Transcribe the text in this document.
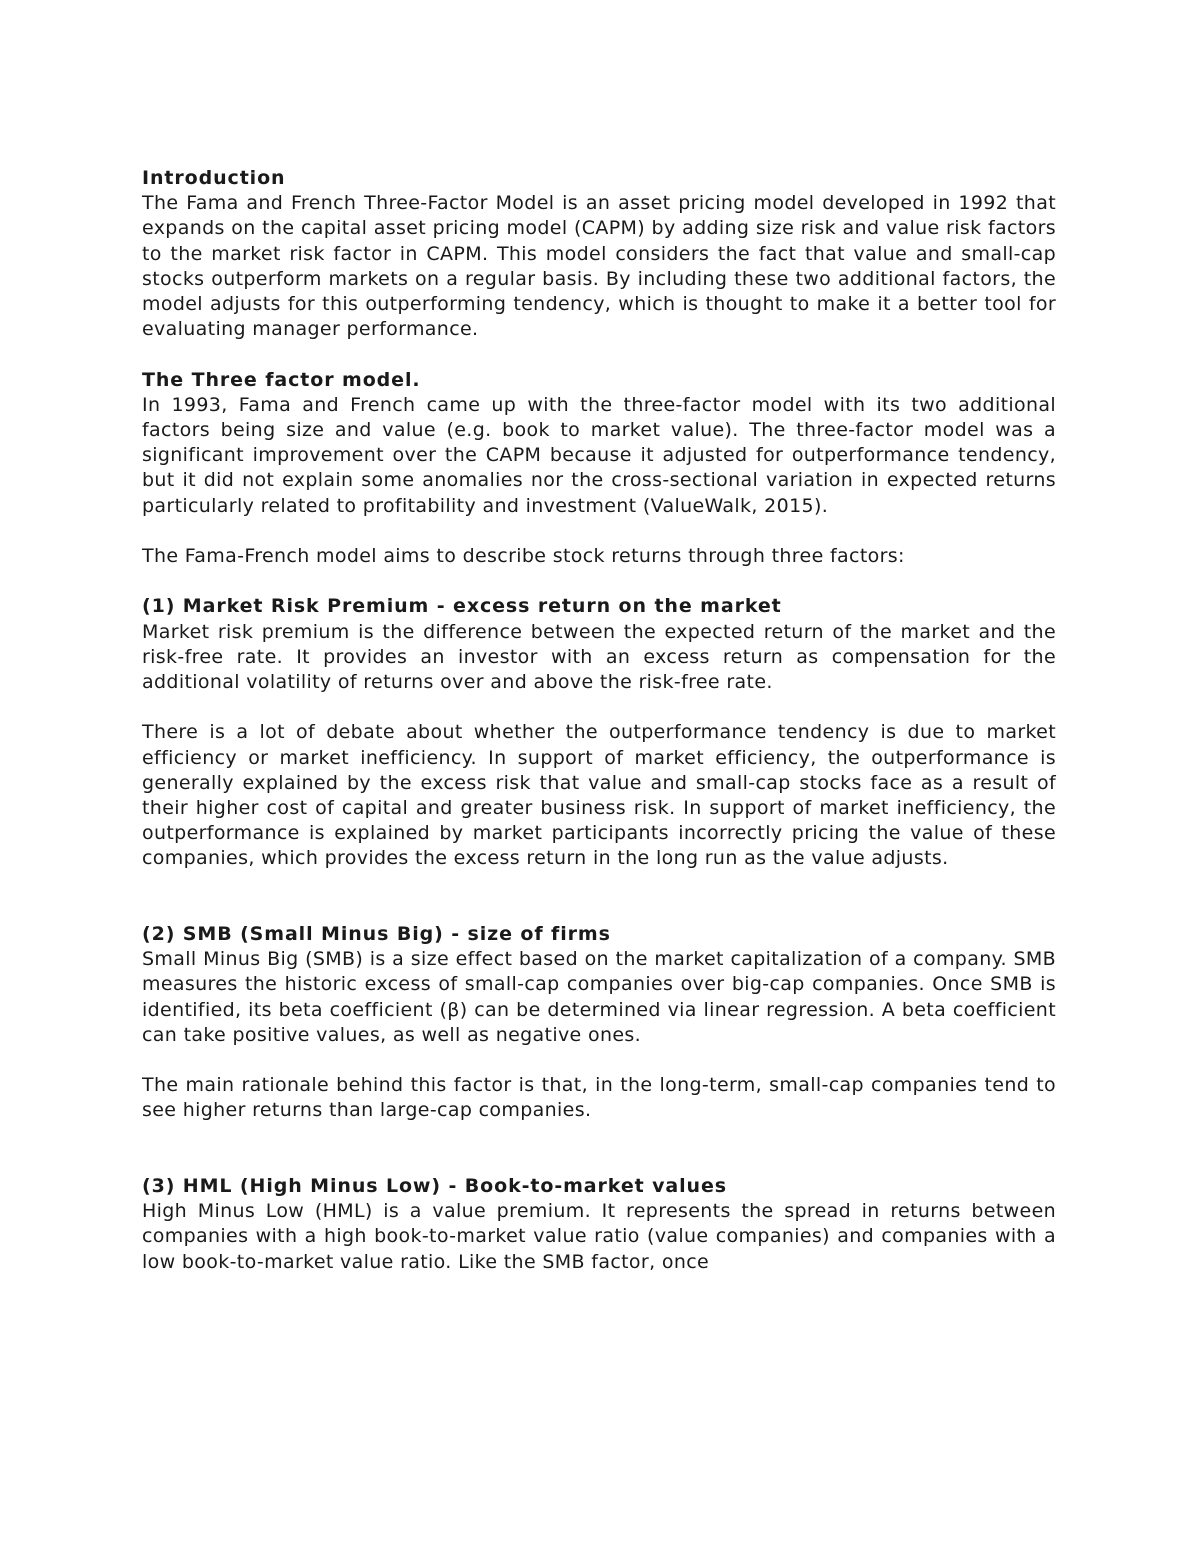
Introduction

The Fama and French Three-Factor Model is an asset pricing model developed in 1992 that expands on the capital asset pricing model (CAPM) by adding size risk and value risk factors to the market risk factor in CAPM. This model considers the fact that value and small-cap stocks outperform markets on a regular basis. By including these two additional factors, the model adjusts for this outperforming tendency, which is thought to make it a better tool for evaluating manager performance.

The Three factor model.

In 1993, Fama and French came up with the three-factor model with its two additional factors being size and value (e.g. book to market value). The three-factor model was a significant improvement over the CAPM because it adjusted for outperformance tendency, but it did not explain some anomalies nor the cross-sectional variation in expected returns particularly related to profitability and investment (ValueWalk, 2015).

The Fama-French model aims to describe stock returns through three factors:

(1) Market Risk Premium - excess return on the market

Market risk premium is the difference between the expected return of the market and the risk-free rate. It provides an investor with an excess return as compensation for the additional volatility of returns over and above the risk-free rate.

There is a lot of debate about whether the outperformance tendency is due to market efficiency or market inefficiency. In support of market efficiency, the outperformance is generally explained by the excess risk that value and small-cap stocks face as a result of their higher cost of capital and greater business risk. In support of market inefficiency, the outperformance is explained by market participants incorrectly pricing the value of these companies, which provides the excess return in the long run as the value adjusts.

(2) SMB (Small Minus Big) - size of firms

Small Minus Big (SMB) is a size effect based on the market capitalization of a company. SMB measures the historic excess of small-cap companies over big-cap companies. Once SMB is identified, its beta coefficient (β) can be determined via linear regression. A beta coefficient can take positive values, as well as negative ones.

The main rationale behind this factor is that, in the long-term, small-cap companies tend to see higher returns than large-cap companies.

(3) HML (High Minus Low) - Book-to-market values

High Minus Low (HML) is a value premium. It represents the spread in returns between companies with a high book-to-market value ratio (value companies) and companies with a low book-to-market value ratio. Like the SMB factor, once
